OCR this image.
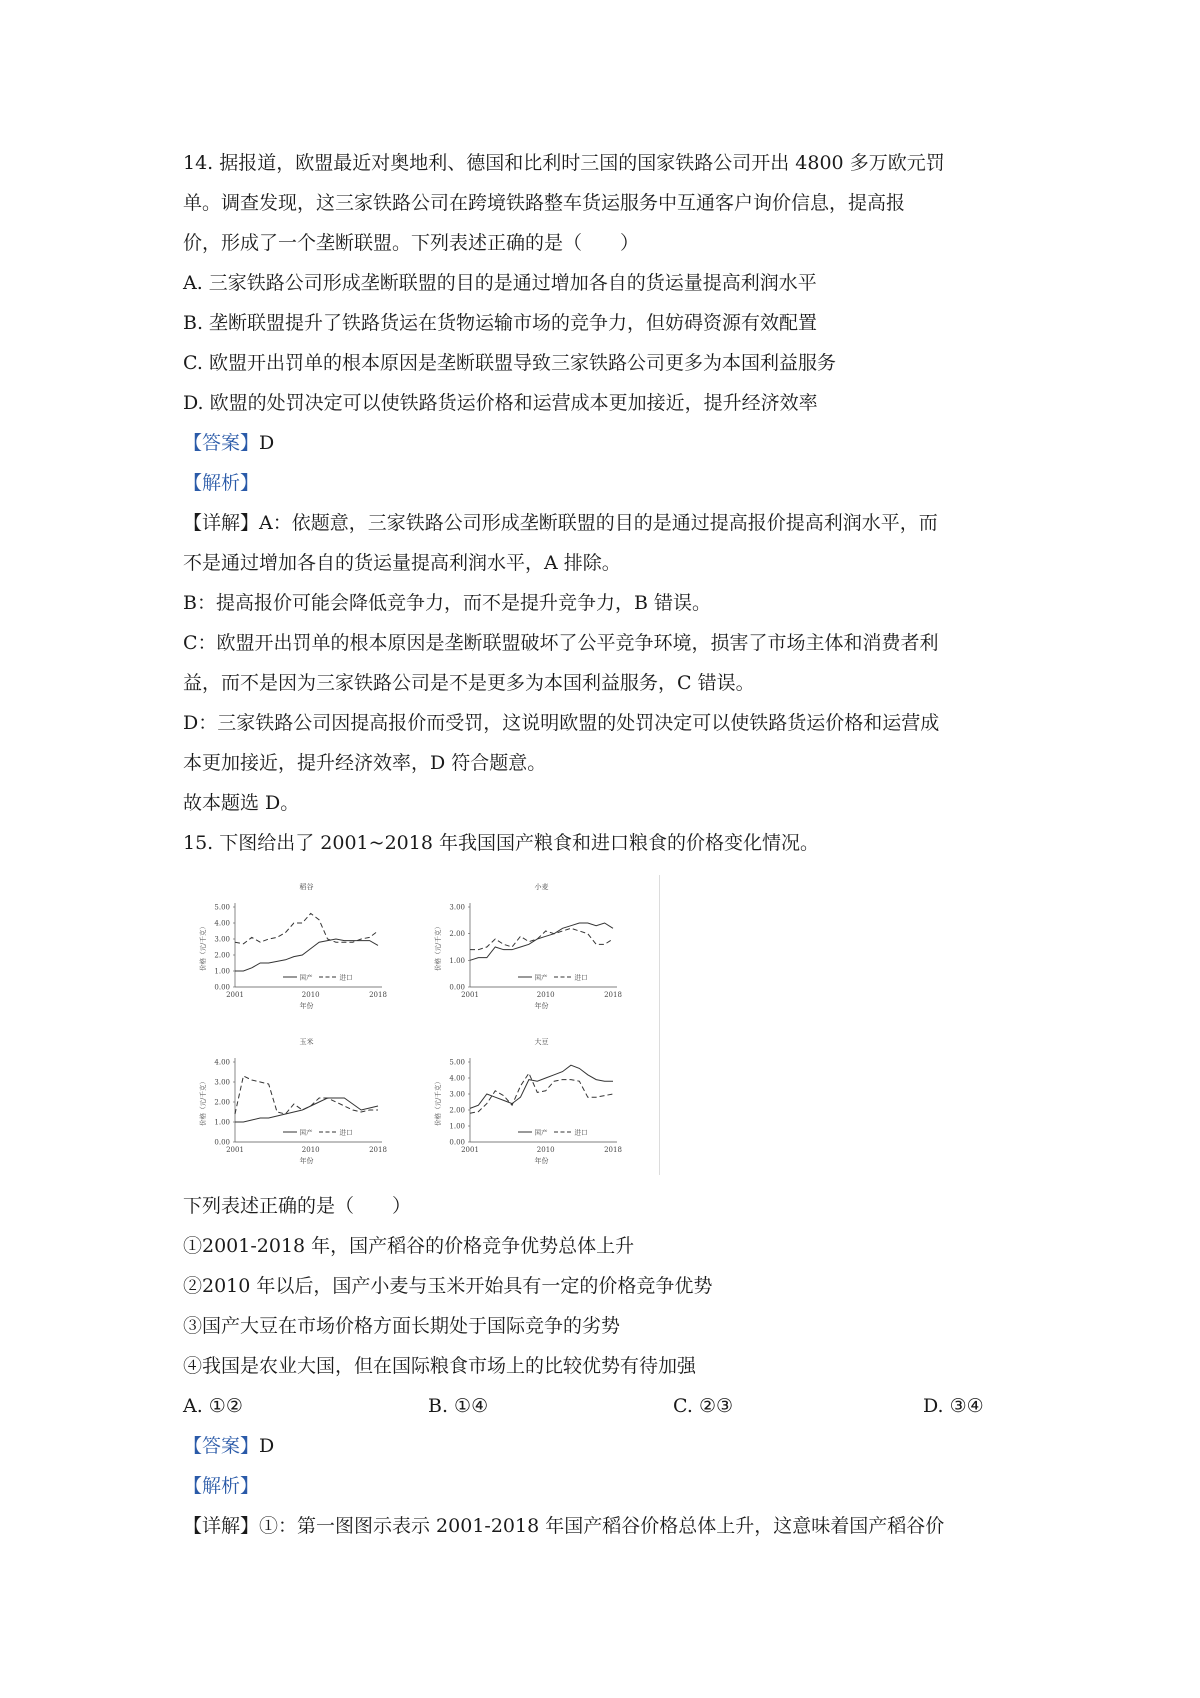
14. 据报道，欧盟最近对奥地利、德国和比利时三国的国家铁路公司开出 4800 多万欧元罚
单。调查发现，这三家铁路公司在跨境铁路整车货运服务中互通客户询价信息，提高报
价，形成了一个垄断联盟。下列表述正确的是（　　）
A. 三家铁路公司形成垄断联盟的目的是通过增加各自的货运量提高利润水平
B. 垄断联盟提升了铁路货运在货物运输市场的竞争力，但妨碍资源有效配置
C. 欧盟开出罚单的根本原因是垄断联盟导致三家铁路公司更多为本国利益服务
D. 欧盟的处罚决定可以使铁路货运价格和运营成本更加接近，提升经济效率
【答案】D
【解析】
【详解】A：依题意，三家铁路公司形成垄断联盟的目的是通过提高报价提高利润水平，而
不是通过增加各自的货运量提高利润水平，A 排除。
B：提高报价可能会降低竞争力，而不是提升竞争力，B 错误。
C：欧盟开出罚单的根本原因是垄断联盟破坏了公平竞争环境，损害了市场主体和消费者利
益，而不是因为三家铁路公司是不是更多为本国利益服务，C 错误。
D：三家铁路公司因提高报价而受罚，这说明欧盟的处罚决定可以使铁路货运价格和运营成
本更加接近，提升经济效率，D 符合题意。
故本题选 D。
15. 下图给出了 2001~2018 年我国国产粮食和进口粮食的价格变化情况。
稻谷
0.00
1.00
2.00
3.00
4.00
5.00
2001	2010	2018
年份
价格（元/千克）
国产	进口
小麦
0.00
1.00
2.00
3.00
2001	2010	2018
年份
价格（元/千克）
国产	进口
玉米
0.00
1.00
2.00
3.00
4.00
2001	2010	2018
年份
价格（元/千克）
国产	进口
大豆
0.00
1.00
2.00
3.00
4.00
5.00
2001	2010	2018
年份
价格（元/千克）
国产	进口
下列表述正确的是（　　）
①2001-2018 年，国产稻谷的价格竞争优势总体上升
②2010 年以后，国产小麦与玉米开始具有一定的价格竞争优势
③国产大豆在市场价格方面长期处于国际竞争的劣势
④我国是农业大国，但在国际粮食市场上的比较优势有待加强
A. ①②	B. ①④	C. ②③	D. ③④
【答案】D
【解析】
【详解】①：第一图图示表示 2001-2018 年国产稻谷价格总体上升，这意味着国产稻谷价
